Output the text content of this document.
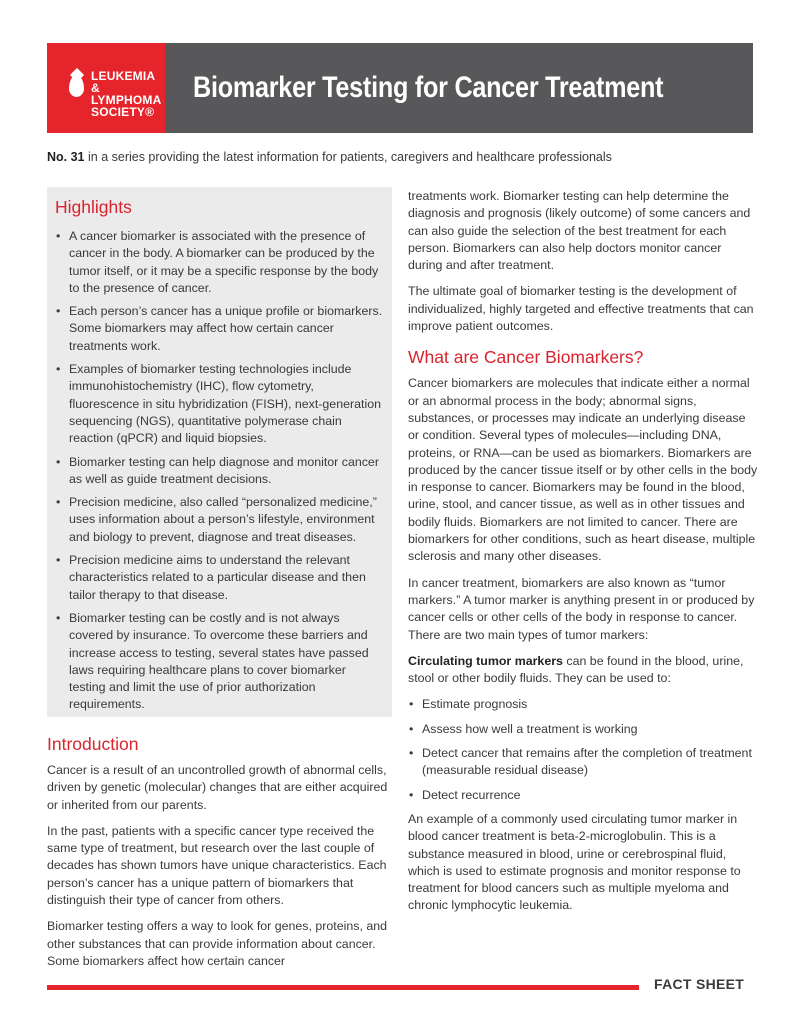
LEUKEMIA &
LYMPHOMA
SOCIETY®
Biomarker Testing for Cancer Treatment
No. 31 in a series providing the latest information for patients, caregivers and healthcare professionals
Highlights
• A cancer biomarker is associated with the presence of cancer in the body. A biomarker can be produced by the tumor itself, or it may be a specific response by the body to the presence of cancer.
• Each person’s cancer has a unique profile or biomarkers. Some biomarkers may affect how certain cancer treatments work.
• Examples of biomarker testing technologies include immunohistochemistry (IHC), flow cytometry, fluorescence in situ hybridization (FISH), next-generation sequencing (NGS), quantitative polymerase chain reaction (qPCR) and liquid biopsies.
• Biomarker testing can help diagnose and monitor cancer as well as guide treatment decisions.
• Precision medicine, also called “personalized medicine,” uses information about a person’s lifestyle, environment and biology to prevent, diagnose and treat diseases.
• Precision medicine aims to understand the relevant characteristics related to a particular disease and then tailor therapy to that disease.
• Biomarker testing can be costly and is not always covered by insurance. To overcome these barriers and increase access to testing, several states have passed laws requiring healthcare plans to cover biomarker testing and limit the use of prior authorization requirements.
Introduction

Cancer is a result of an uncontrolled growth of abnormal cells, driven by genetic (molecular) changes that are either acquired or inherited from our parents.

In the past, patients with a specific cancer type received the same type of treatment, but research over the last couple of decades has shown tumors have unique characteristics. Each person’s cancer has a unique pattern of biomarkers that distinguish their type of cancer from others.

Biomarker testing offers a way to look for genes, proteins, and other substances that can provide information about cancer. Some biomarkers affect how certain cancer

treatments work. Biomarker testing can help determine the diagnosis and prognosis (likely outcome) of some cancers and can also guide the selection of the best treatment for each person. Biomarkers can also help doctors monitor cancer during and after treatment.

The ultimate goal of biomarker testing is the development of individualized, highly targeted and effective treatments that can improve patient outcomes.

What are Cancer Biomarkers?

Cancer biomarkers are molecules that indicate either a normal or an abnormal process in the body; abnormal signs, substances, or processes may indicate an underlying disease or condition. Several types of molecules—including DNA, proteins, or RNA—can be used as biomarkers. Biomarkers are produced by the cancer tissue itself or by other cells in the body in response to cancer. Biomarkers may be found in the blood, urine, stool, and cancer tissue, as well as in other tissues and bodily fluids. Biomarkers are not limited to cancer. There are biomarkers for other conditions, such as heart disease, multiple sclerosis and many other diseases.

In cancer treatment, biomarkers are also known as “tumor markers.” A tumor marker is anything present in or produced by cancer cells or other cells of the body in response to cancer. There are two main types of tumor markers:

Circulating tumor markers can be found in the blood, urine, stool or other bodily fluids. They can be used to:

• Estimate prognosis
• Assess how well a treatment is working
• Detect cancer that remains after the completion of treatment (measurable residual disease)
• Detect recurrence

An example of a commonly used circulating tumor marker in blood cancer treatment is beta-2-microglobulin. This is a substance measured in blood, urine or cerebrospinal fluid, which is used to estimate prognosis and monitor response to treatment for blood cancers such as multiple myeloma and chronic lymphocytic leukemia.

FACT SHEET
